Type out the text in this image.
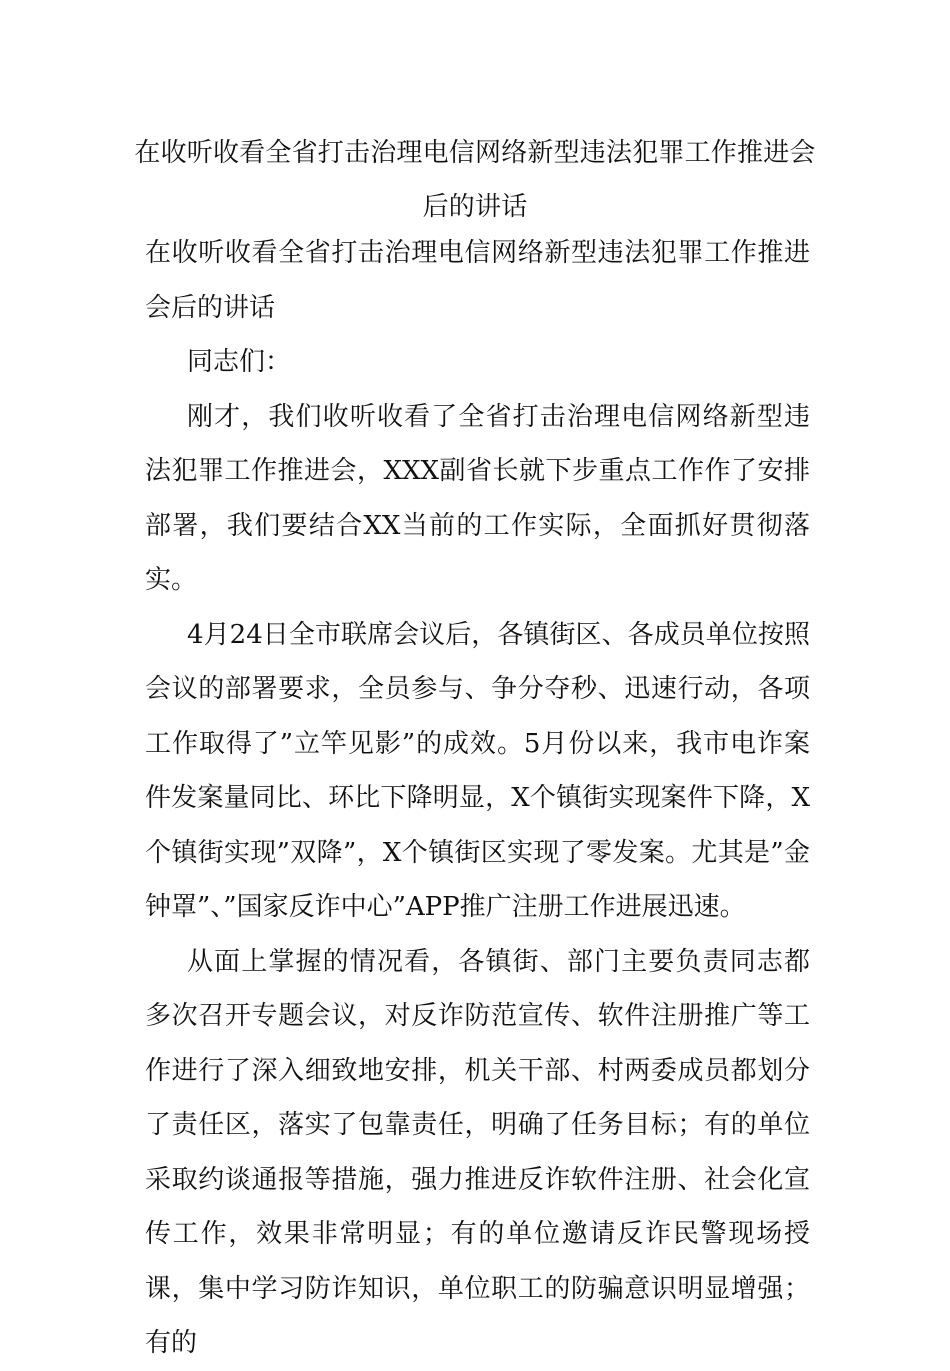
在收听收看全省打击治理电信网络新型违法犯罪工作推进会后的讲话

在收听收看全省打击治理电信网络新型违法犯罪工作推进会后的讲话

同志们：

刚才，我们收听收看了全省打击治理电信网络新型违法犯罪工作推进会，XXX副省长就下步重点工作作了安排部署，我们要结合XX当前的工作实际，全面抓好贯彻落实。

4月24日全市联席会议后，各镇街区、各成员单位按照会议的部署要求，全员参与、争分夺秒、迅速行动，各项工作取得了”立竿见影”的成效。5月份以来，我市电诈案件发案量同比、环比下降明显，X个镇街实现案件下降，X个镇街实现”双降”，X个镇街区实现了零发案。尤其是”金钟罩”、”国家反诈中心”APP推广注册工作进展迅速。

从面上掌握的情况看，各镇街、部门主要负责同志都多次召开专题会议，对反诈防范宣传、软件注册推广等工作进行了深入细致地安排，机关干部、村两委成员都划分了责任区，落实了包靠责任，明确了任务目标；有的单位采取约谈通报等措施，强力推进反诈软件注册、社会化宣传工作，效果非常明显；有的单位邀请反诈民警现场授课，集中学习防诈知识，单位职工的防骗意识明显增强；有的
